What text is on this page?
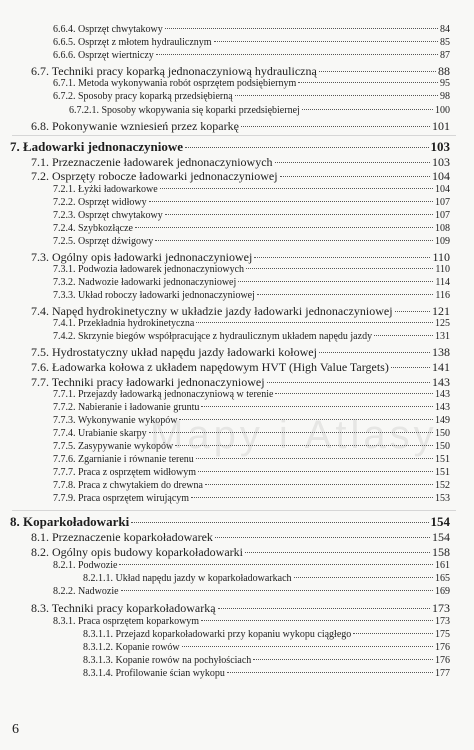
6.6.4. Osprzęt chwytakowy	84
6.6.5. Osprzęt z młotem hydraulicznym	85
6.6.6. Osprzęt wiertniczy	87
6.7. Techniki pracy koparką jednonaczyniową hydrauliczną	88
6.7.1. Metoda wykonywania robót osprzętem podsiębiernym	95
6.7.2. Sposoby pracy koparką przedsiębierną	98
6.7.2.1. Sposoby wkopywania się koparki przedsiębiernej	100
6.8. Pokonywanie wzniesień przez koparkę	101
7. Ładowarki jednonaczyniowe	103
7.1. Przeznaczenie ładowarek jednonaczyniowych	103
7.2. Osprzęty robocze ładowarki jednonaczyniowej	104
7.2.1. Łyżki ładowarkowe	104
7.2.2. Osprzęt widłowy	107
7.2.3. Osprzęt chwytakowy	107
7.2.4. Szybkozłącze	108
7.2.5. Osprzęt dźwigowy	109
7.3. Ogólny opis ładowarki jednonaczyniowej	110
7.3.1. Podwozia ładowarek jednonaczyniowych	110
7.3.2. Nadwozie ładowarki jednonaczyniowej	114
7.3.3. Układ roboczy ładowarki jednonaczyniowej	116
7.4. Napęd hydrokinetyczny w układzie jazdy ładowarki jednonaczyniowej	121
7.4.1. Przekładnia hydrokinetyczna	125
7.4.2. Skrzynie biegów współpracujące z hydraulicznym układem napędu jazdy	131
7.5. Hydrostatyczny układ napędu jazdy ładowarki kołowej	138
7.6. Ładowarka kołowa z układem napędowym HVT (High Value Targets)	141
7.7. Techniki pracy ładowarki jednonaczyniowej	143
7.7.1. Przejazdy ładowarką jednonaczyniową w terenie	143
7.7.2. Nabieranie i ładowanie gruntu	143
7.7.3. Wykonywanie wykopów	149
7.7.4. Urabianie skarpy	150
7.7.5. Zasypywanie wykopów	150
7.7.6. Zgarnianie i równanie terenu	151
7.7.7. Praca z osprzętem widłowym	151
7.7.8. Praca z chwytakiem do drewna	152
7.7.9. Praca osprzętem wirującym	153
8. Koparkoładowarki	154
8.1. Przeznaczenie koparkoładowarek	154
8.2. Ogólny opis budowy koparkoładowarki	158
8.2.1. Podwozie	161
8.2.1.1. Układ napędu jazdy w koparkoładowarkach	165
8.2.2. Nadwozie	169
8.3. Techniki pracy koparkoładowarką	173
8.3.1. Praca osprzętem koparkowym	173
8.3.1.1. Przejazd koparkoładowarki przy kopaniu wykopu ciągłego	175
8.3.1.2. Kopanie rowów	176
8.3.1.3. Kopanie rowów na pochyłościach	176
8.3.1.4. Profilowanie ścian wykopu	177
Mapy i Atlasy
6
